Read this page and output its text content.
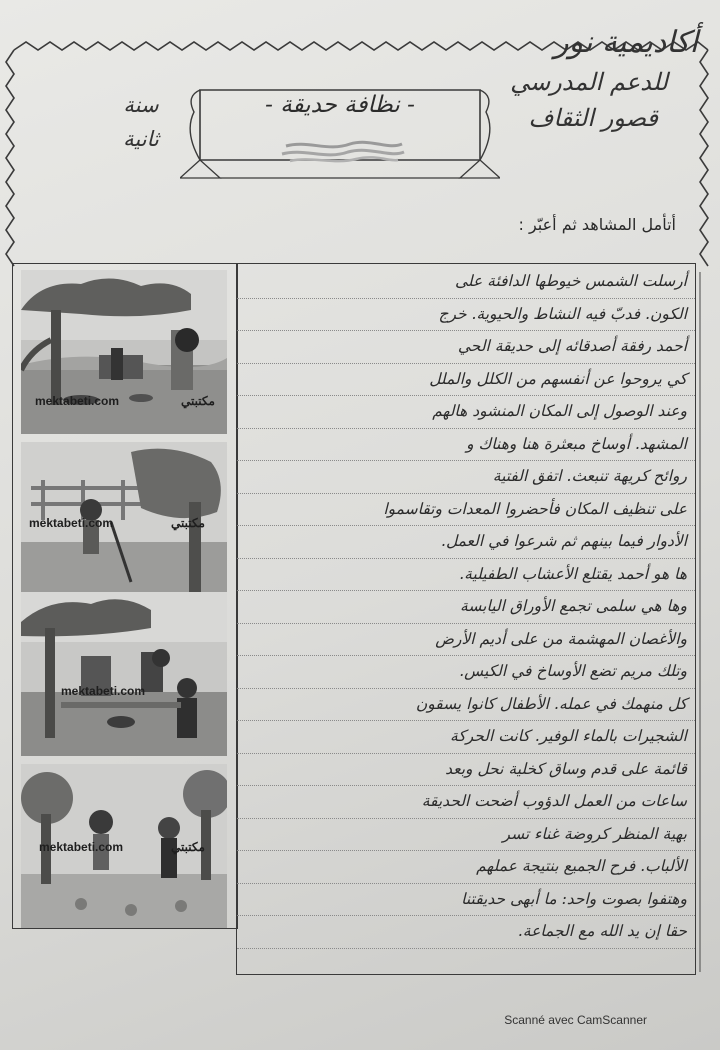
أكاديمية نور
للدعم المدرسي
قصور الثقاف
سنة
ثانية
- نظافة حديقة -
أتأمل المشاهد ثم أعبّر :
mektabeti.com	مكتبتي
mektabeti.com	مكتبتي
mektabeti.com
mektabeti.com	مكتبتي
أرسلت الشمس خيوطها الدافئة على
الكون. فدبّ فيه النشاط والحيوية. خرج
أحمد رفقة أصدقائه إلى حديقة الحي
كي يروحوا عن أنفسهم من الكلل والملل
وعند الوصول إلى المكان المنشود هالهم
المشهد. أوساخ مبعثرة هنا وهناك و
روائح كريهة تنبعث. اتفق الفتية
على تنظيف المكان فأحضروا المعدات وتقاسموا
الأدوار فيما بينهم ثم شرعوا في العمل.
ها هو أحمد يقتلع الأعشاب الطفيلية.
وها هي سلمى تجمع الأوراق اليابسة
والأغصان المهشمة من على أديم الأرض
وتلك مريم تضع الأوساخ في الكيس.
كل منهمك في عمله. الأطفال كانوا يسقون
الشجيرات بالماء الوفير. كانت الحركة
قائمة على قدم وساق كخلية نحل وبعد
ساعات من العمل الدؤوب أضحت الحديقة
بهية المنظر كروضة غناء تسر
الألباب. فرح الجميع بنتيجة عملهم
وهتفوا بصوت واحد: ما أبهى حديقتنا
حقا إن يد الله مع الجماعة.
Scanné avec CamScanner
